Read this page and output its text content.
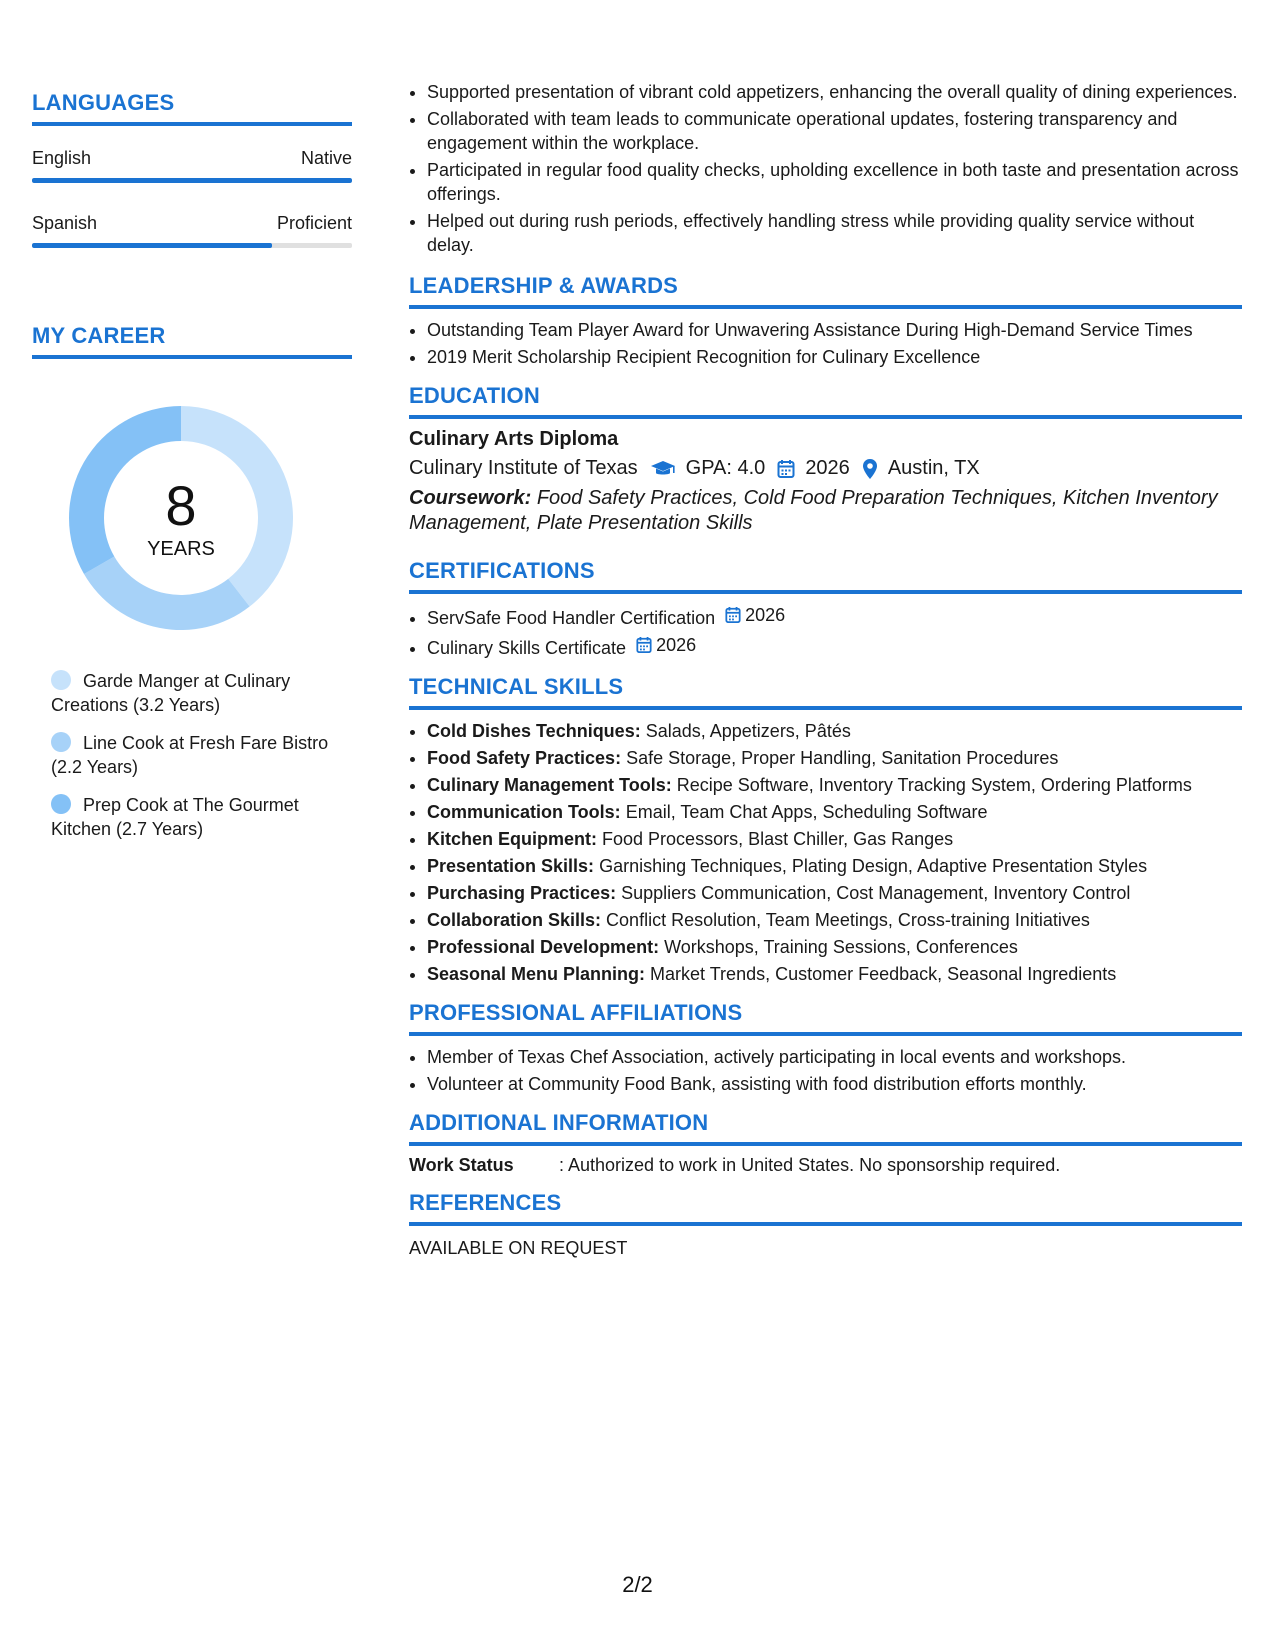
LANGUAGES
English	Native
Spanish	Proficient
MY CAREER
8
YEARS
Garde Manger at Culinary Creations (3.2 Years)
Line Cook at Fresh Fare Bistro (2.2 Years)
Prep Cook at The Gourmet Kitchen (2.7 Years)
• Supported presentation of vibrant cold appetizers, enhancing the overall quality of dining experiences.
• Collaborated with team leads to communicate operational updates, fostering transparency and engagement within the workplace.
• Participated in regular food quality checks, upholding excellence in both taste and presentation across offerings.
• Helped out during rush periods, effectively handling stress while providing quality service without delay.
LEADERSHIP & AWARDS
• Outstanding Team Player Award for Unwavering Assistance During High-Demand Service Times
• 2019 Merit Scholarship Recipient Recognition for Culinary Excellence
EDUCATION
Culinary Arts Diploma
Culinary Institute of Texas GPA: 4.0 2026 Austin, TX
Coursework: Food Safety Practices, Cold Food Preparation Techniques, Kitchen Inventory Management, Plate Presentation Skills
CERTIFICATIONS
• ServSafe Food Handler Certification 2026
• Culinary Skills Certificate 2026
TECHNICAL SKILLS
• Cold Dishes Techniques: Salads, Appetizers, Pâtés
• Food Safety Practices: Safe Storage, Proper Handling, Sanitation Procedures
• Culinary Management Tools: Recipe Software, Inventory Tracking System, Ordering Platforms
• Communication Tools: Email, Team Chat Apps, Scheduling Software
• Kitchen Equipment: Food Processors, Blast Chiller, Gas Ranges
• Presentation Skills: Garnishing Techniques, Plating Design, Adaptive Presentation Styles
• Purchasing Practices: Suppliers Communication, Cost Management, Inventory Control
• Collaboration Skills: Conflict Resolution, Team Meetings, Cross-training Initiatives
• Professional Development: Workshops, Training Sessions, Conferences
• Seasonal Menu Planning: Market Trends, Customer Feedback, Seasonal Ingredients
PROFESSIONAL AFFILIATIONS
• Member of Texas Chef Association, actively participating in local events and workshops.
• Volunteer at Community Food Bank, assisting with food distribution efforts monthly.
ADDITIONAL INFORMATION
Work Status	: Authorized to work in United States. No sponsorship required.
REFERENCES
AVAILABLE ON REQUEST
2/2
